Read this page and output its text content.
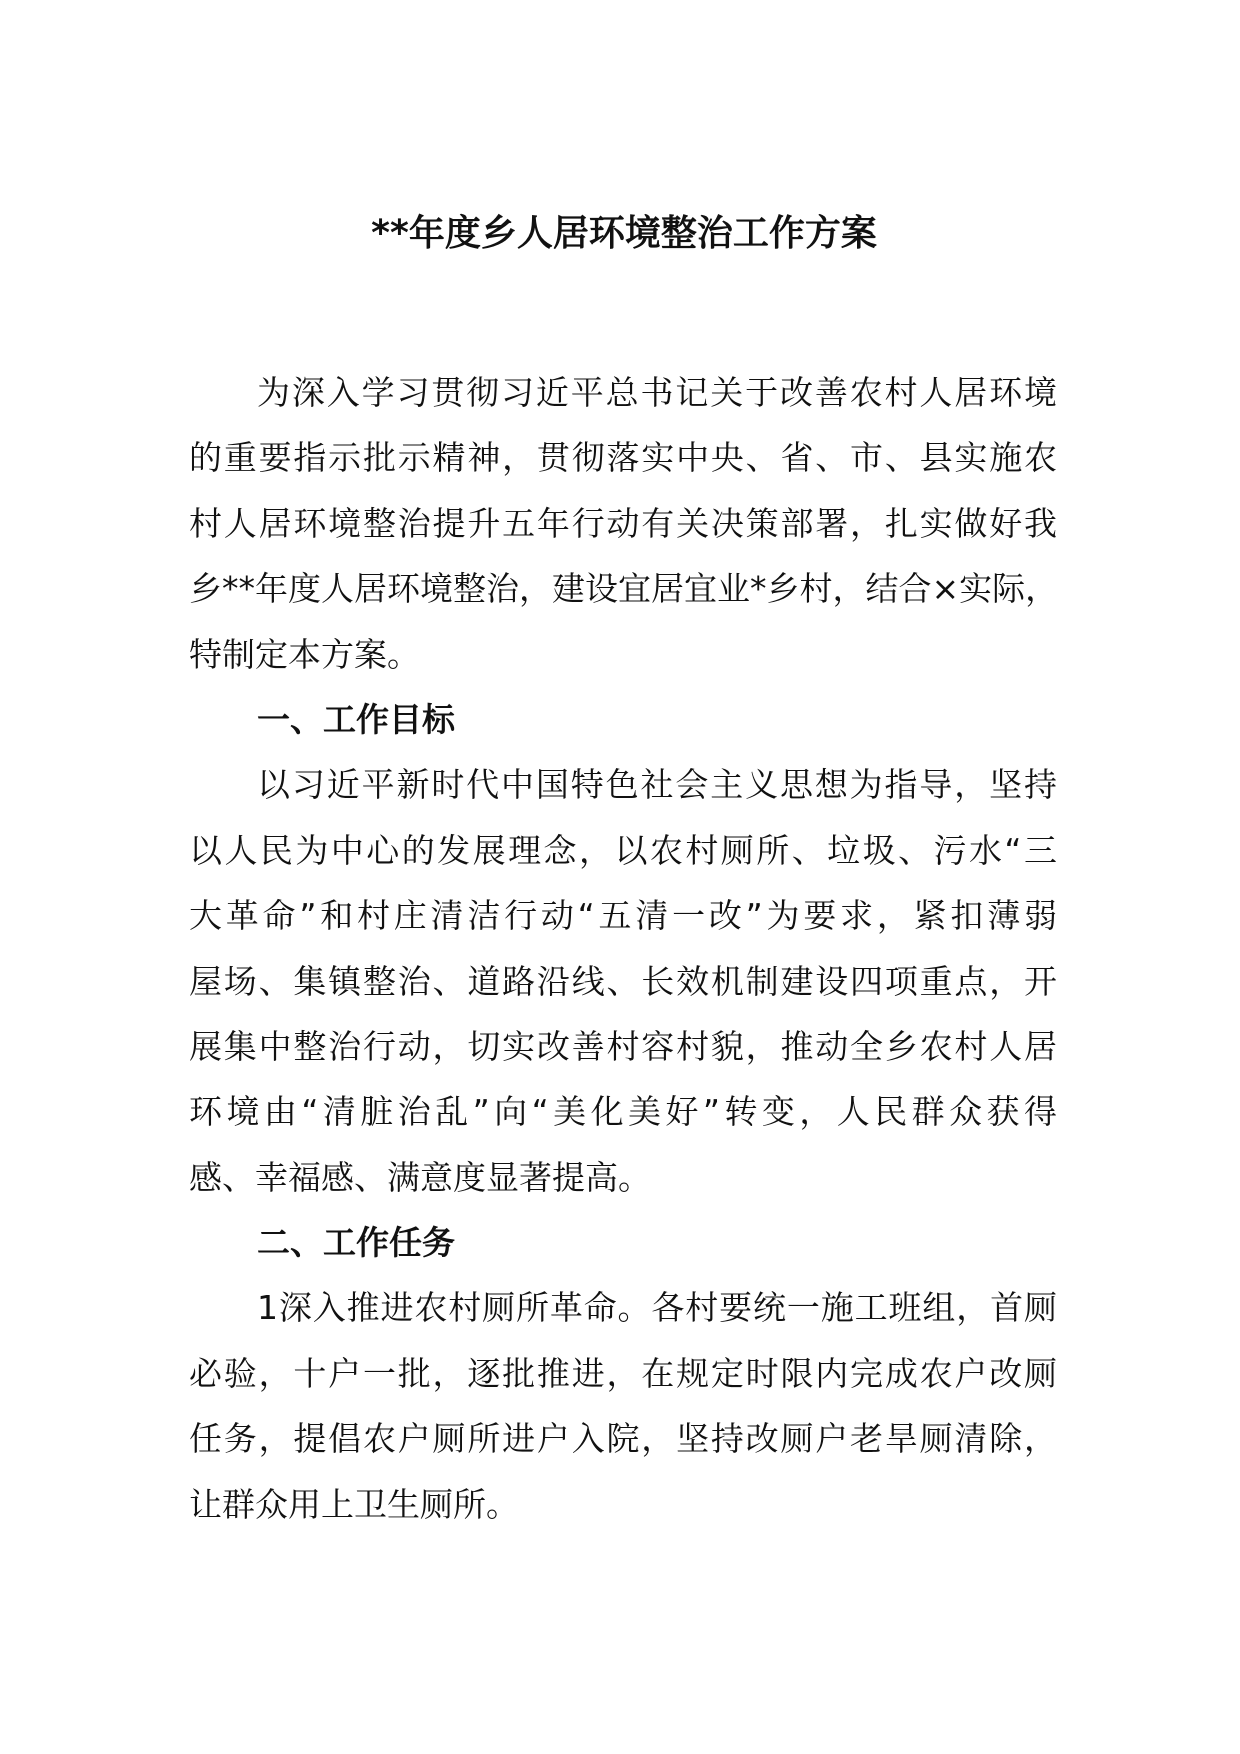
**年度乡人居环境整治工作方案
为深入学习贯彻习近平总书记关于改善农村人居环境
的重要指示批示精神，贯彻落实中央、省、市、县实施农
村人居环境整治提升五年行动有关决策部署，扎实做好我
乡**年度人居环境整治，建设宜居宜业*乡村，结合×实际，
特制定本方案。
一、工作目标
以习近平新时代中国特色社会主义思想为指导，坚持
以人民为中心的发展理念，以农村厕所、垃圾、污水“三
大革命”和村庄清洁行动“五清一改”为要求，紧扣薄弱
屋场、集镇整治、道路沿线、长效机制建设四项重点，开
展集中整治行动，切实改善村容村貌，推动全乡农村人居
环境由“清脏治乱”向“美化美好”转变，人民群众获得
感、幸福感、满意度显著提高。
二、工作任务
1深入推进农村厕所革命。各村要统一施工班组，首厕
必验，十户一批，逐批推进，在规定时限内完成农户改厕
任务，提倡农户厕所进户入院，坚持改厕户老旱厕清除，
让群众用上卫生厕所。
